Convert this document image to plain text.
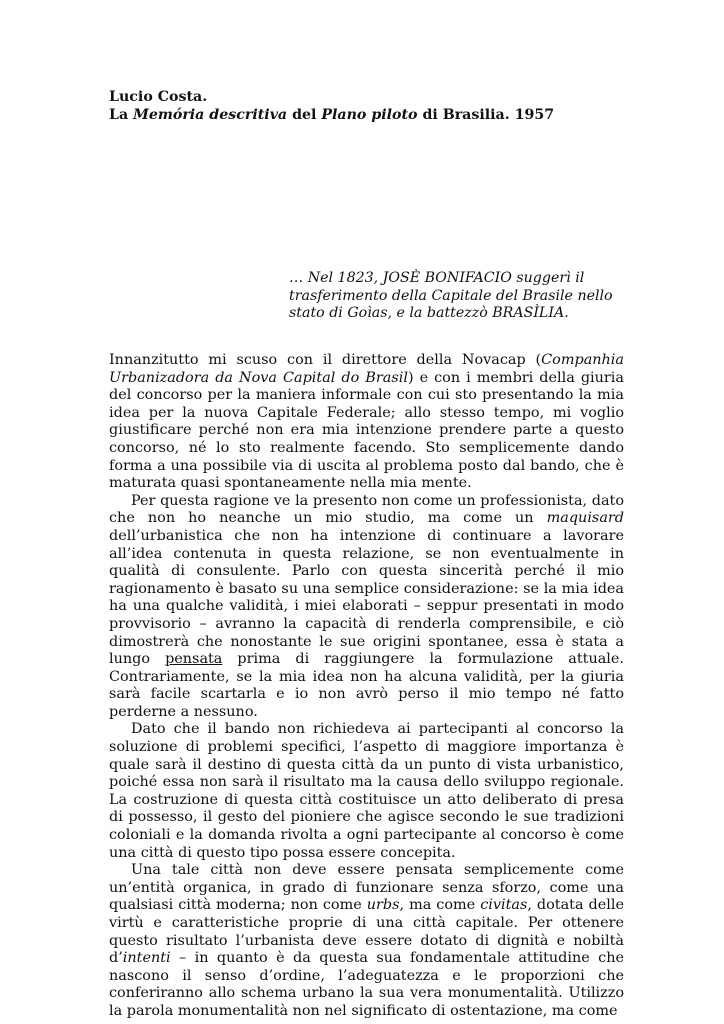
Lucio Costa.
La Memória descritiva del Plano piloto di Brasilia. 1957
… Nel 1823, JOSÈ BONIFACIO suggerì il trasferimento della Capitale del Brasile nello stato di Goìas, e la battezzò BRASÌLIA.

Innanzitutto mi scuso con il direttore della Novacap (Companhia Urbanizadora da Nova Capital do Brasil) e con i membri della giuria del concorso per la maniera informale con cui sto presentando la mia idea per la nuova Capitale Federale; allo stesso tempo, mi voglio giustificare perché non era mia intenzione prendere parte a questo concorso, né lo sto realmente facendo. Sto semplicemente dando forma a una possibile via di uscita al problema posto dal bando, che è maturata quasi spontaneamente nella mia mente.

Per questa ragione ve la presento non come un professionista, dato che non ho neanche un mio studio, ma come un maquisard dell’urbanistica che non ha intenzione di continuare a lavorare all’idea contenuta in questa relazione, se non eventualmente in qualità di consulente. Parlo con questa sincerità perché il mio ragionamento è basato su una semplice considerazione: se la mia idea ha una qualche validità, i miei elaborati – seppur presentati in modo provvisorio – avranno la capacità di renderla comprensibile, e ciò dimostrerà che nonostante le sue origini spontanee, essa è stata a lungo pensata prima di raggiungere la formulazione attuale. Contrariamente, se la mia idea non ha alcuna validità, per la giuria sarà facile scartarla e io non avrò perso il mio tempo né fatto perderne a nessuno.

Dato che il bando non richiedeva ai partecipanti al concorso la soluzione di problemi specifici, l’aspetto di maggiore importanza è quale sarà il destino di questa città da un punto di vista urbanistico, poiché essa non sarà il risultato ma la causa dello sviluppo regionale. La costruzione di questa città costituisce un atto deliberato di presa di possesso, il gesto del pioniere che agisce secondo le sue tradizioni coloniali e la domanda rivolta a ogni partecipante al concorso è come una città di questo tipo possa essere concepita.

Una tale città non deve essere pensata semplicemente come un’entità organica, in grado di funzionare senza sforzo, come una qualsiasi città moderna; non come urbs, ma come civitas, dotata delle virtù e caratteristiche proprie di una città capitale. Per ottenere questo risultato l’urbanista deve essere dotato di dignità e nobiltà d’intenti – in quanto è da questa sua fondamentale attitudine che nascono il senso d’ordine, l’adeguatezza e le proporzioni che conferiranno allo schema urbano la sua vera monumentalità. Utilizzo la parola monumentalità non nel significato di ostentazione, ma come
